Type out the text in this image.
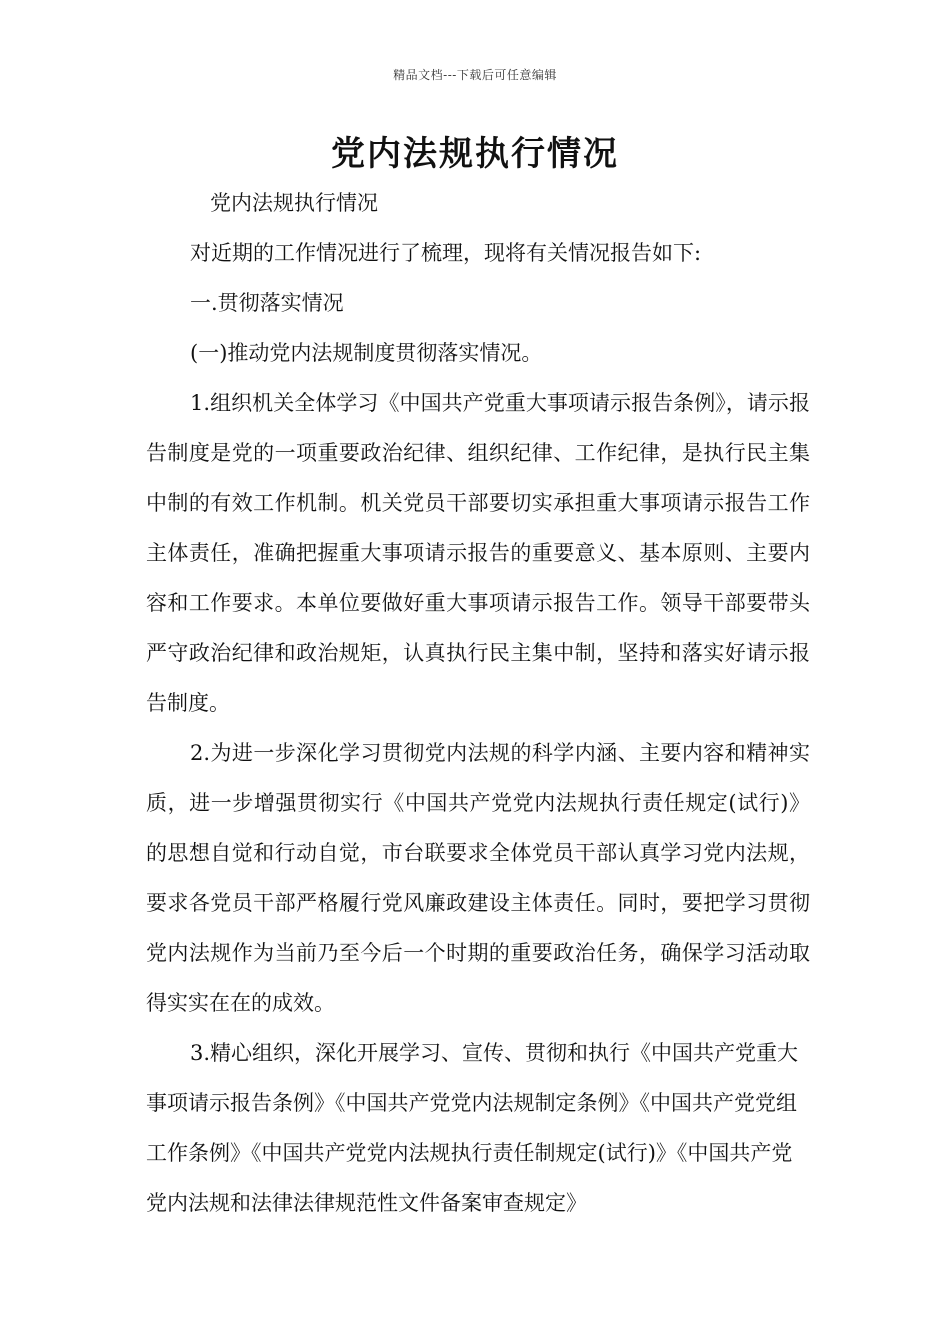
精品文档---下载后可任意编辑
党内法规执行情况

党内法规执行情况

对近期的工作情况进行了梳理，现将有关情况报告如下:

一.贯彻落实情况

(一)推动党内法规制度贯彻落实情况。

1.组织机关全体学习《中国共产党重大事项请示报告条例》，请示报告制度是党的一项重要政治纪律、组织纪律、工作纪律，是执行民主集中制的有效工作机制。机关党员干部要切实承担重大事项请示报告工作主体责任，准确把握重大事项请示报告的重要意义、基本原则、主要内容和工作要求。本单位要做好重大事项请示报告工作。领导干部要带头严守政治纪律和政治规矩，认真执行民主集中制，坚持和落实好请示报告制度。

2.为进一步深化学习贯彻党内法规的科学内涵、主要内容和精神实质，进一步增强贯彻实行《中国共产党党内法规执行责任规定(试行)》的思想自觉和行动自觉，市台联要求全体党员干部认真学习党内法规，要求各党员干部严格履行党风廉政建设主体责任。同时，要把学习贯彻党内法规作为当前乃至今后一个时期的重要政治任务，确保学习活动取得实实在在的成效。

3.精心组织，深化开展学习、宣传、贯彻和执行《中国共产党重大事项请示报告条例》《中国共产党党内法规制定条例》《中国共产党党组工作条例》《中国共产党党内法规执行责任制规定(试行)》《中国共产党党内法规和法律法律规范性文件备案审查规定》
